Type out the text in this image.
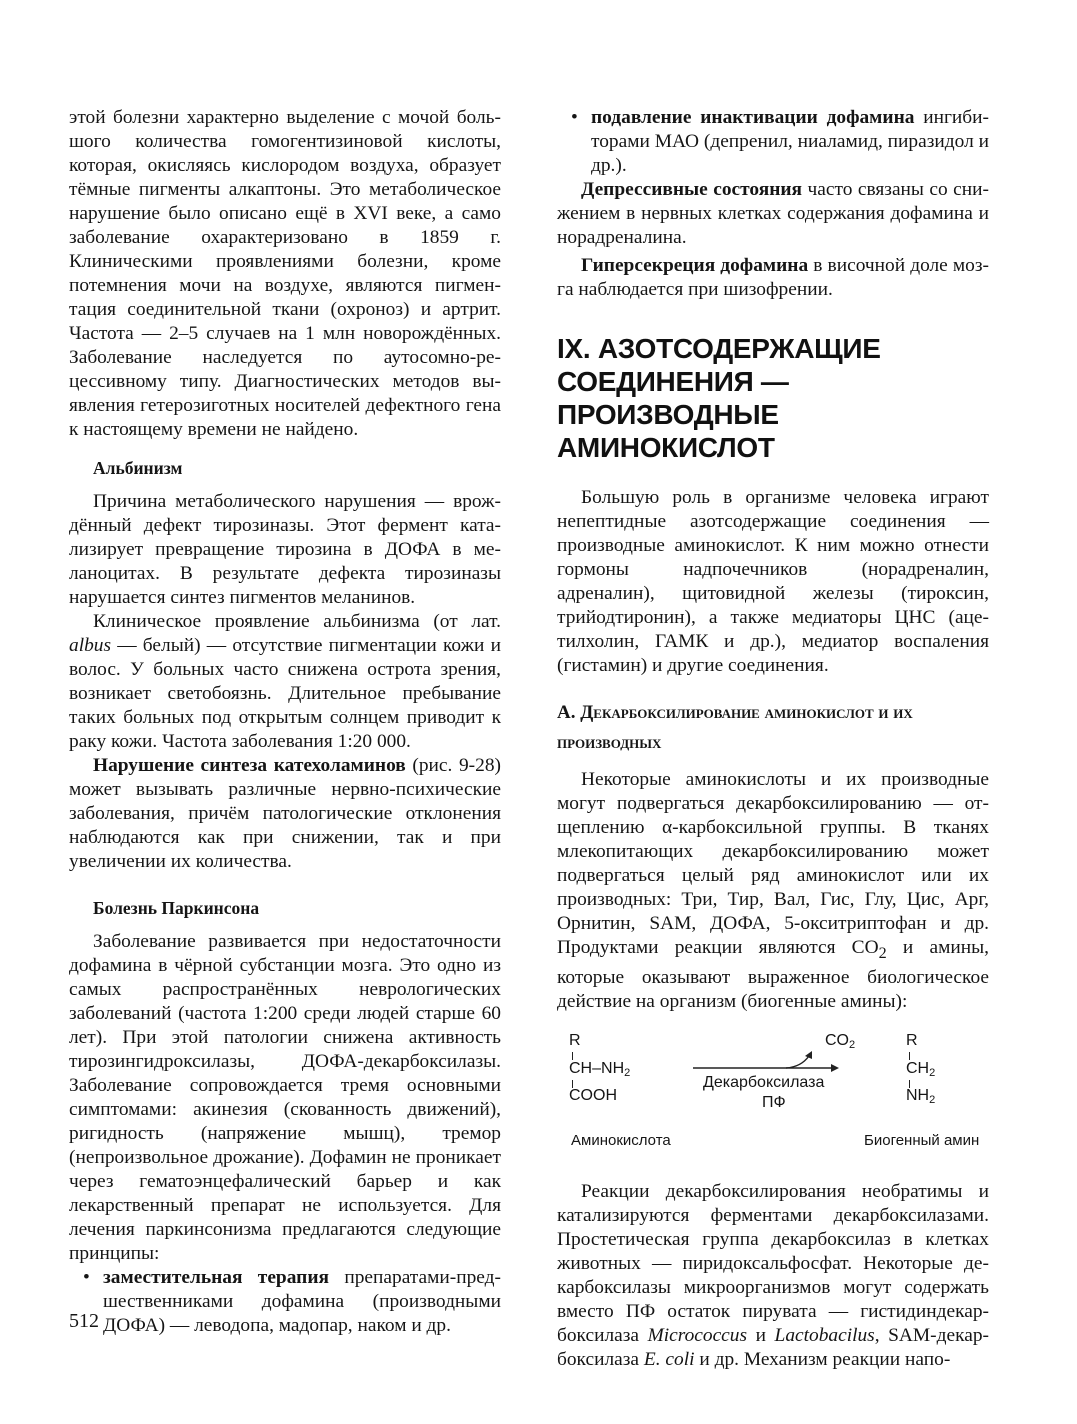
этой болезни характерно выделение с мочой большого количества гомогентизиновой кислоты, которая, окисляясь кислородом воздуха, образует тёмные пигменты алкаптоны. Это метаболическое нарушение было описано ещё в XVI веке, а само заболевание охарактеризовано в 1859 г. Клиническими проявлениями болезни, кроме потемнения мочи на воздухе, являются пигментация соединительной ткани (охроноз) и артрит. Частота — 2–5 случаев на 1 млн новорождённых. Заболевание наследуется по аутосомно-рецессивному типу. Диагностических методов выявления гетерозиготных носителей дефектного гена к настоящему времени не найдено.

Альбинизм

Причина метаболического нарушения — врождённый дефект тирозиназы. Этот фермент катализирует превращение тирозина в ДОФА в меланоцитах. В результате дефекта тирозиназы нарушается синтез пигментов меланинов.

Клиническое проявление альбинизма (от лат. albus — белый) — отсутствие пигментации кожи и волос. У больных часто снижена острота зрения, возникает светобоязнь. Длительное пребывание таких больных под открытым солнцем приводит к раку кожи. Частота заболевания 1:20 000.

Нарушение синтеза катехоламинов (рис. 9-28) может вызывать различные нервно-психические заболевания, причём патологические отклонения наблюдаются как при снижении, так и при увеличении их количества.

Болезнь Паркинсона

Заболевание развивается при недостаточности дофамина в чёрной субстанции мозга. Это одно из самых распространённых неврологических заболеваний (частота 1:200 среди людей старше 60 лет). При этой патологии снижена активность тирозингидроксилазы, ДОФА-декарбоксилазы. Заболевание сопровождается тремя основными симптомами: акинезия (скованность движений), ригидность (напряжение мышц), тремор (непроизвольное дрожание). Дофамин не проникает через гематоэнцефалический барьер и как лекарственный препарат не используется. Для лечения паркинсонизма предлагаются следующие принципы:

• заместительная терапия препаратами-предшественниками дофамина (производными ДОФА) — леводопа, мадопар, наком и др.

• подавление инактивации дофамина ингибиторами МАО (депренил, ниаламид, пиразидол и др.).

Депрессивные состояния часто связаны со снижением в нервных клетках содержания дофамина и норадреналина.

Гиперсекреция дофамина в височной доле мозга наблюдается при шизофрении.

IX. АЗОТСОДЕРЖАЩИЕ СОЕДИНЕНИЯ — ПРОИЗВОДНЫЕ АМИНОКИСЛОТ

Большую роль в организме человека играют непептидные азотсодержащие соединения — производные аминокислот. К ним можно отнести гормоны надпочечников (норадреналин, адреналин), щитовидной железы (тироксин, трийодтиронин), а также медиаторы ЦНС (ацетилхолин, ГАМК и др.), медиатор воспаления (гистамин) и другие соединения.

А. Декарбоксилирование аминокислот и их производных

Некоторые аминокислоты и их производные могут подвергаться декарбоксилированию — отщеплению α-карбоксильной группы. В тканях млекопитающих декарбоксилированию может подвергаться целый ряд аминокислот или их производных: Три, Тир, Вал, Гис, Глу, Цис, Арг, Орнитин, SAM, ДОФА, 5-окситриптофан и др. Продуктами реакции являются $CO_2$ и амины, которые оказывают выраженное биологическое действие на организм (биогенные амины):

R
$CH-NH_2$
COOH
Аминокислота
$CO_2$
Декарбоксилаза
ПФ
R
$CH_2$
$NH_2$
Биогенный амин

Реакции декарбоксилирования необратимы и катализируются ферментами декарбоксилазами. Простетическая группа декарбоксилаз в клетках животных — пиридоксальфосфат. Некоторые декарбоксилазы микроорганизмов могут содержать вместо ПФ остаток пирувата — гистидиндекарбоксилаза Micrococcus и Lactobacilus, SAM-декарбоксилаза E. coli и др. Механизм реакции напо-

512
